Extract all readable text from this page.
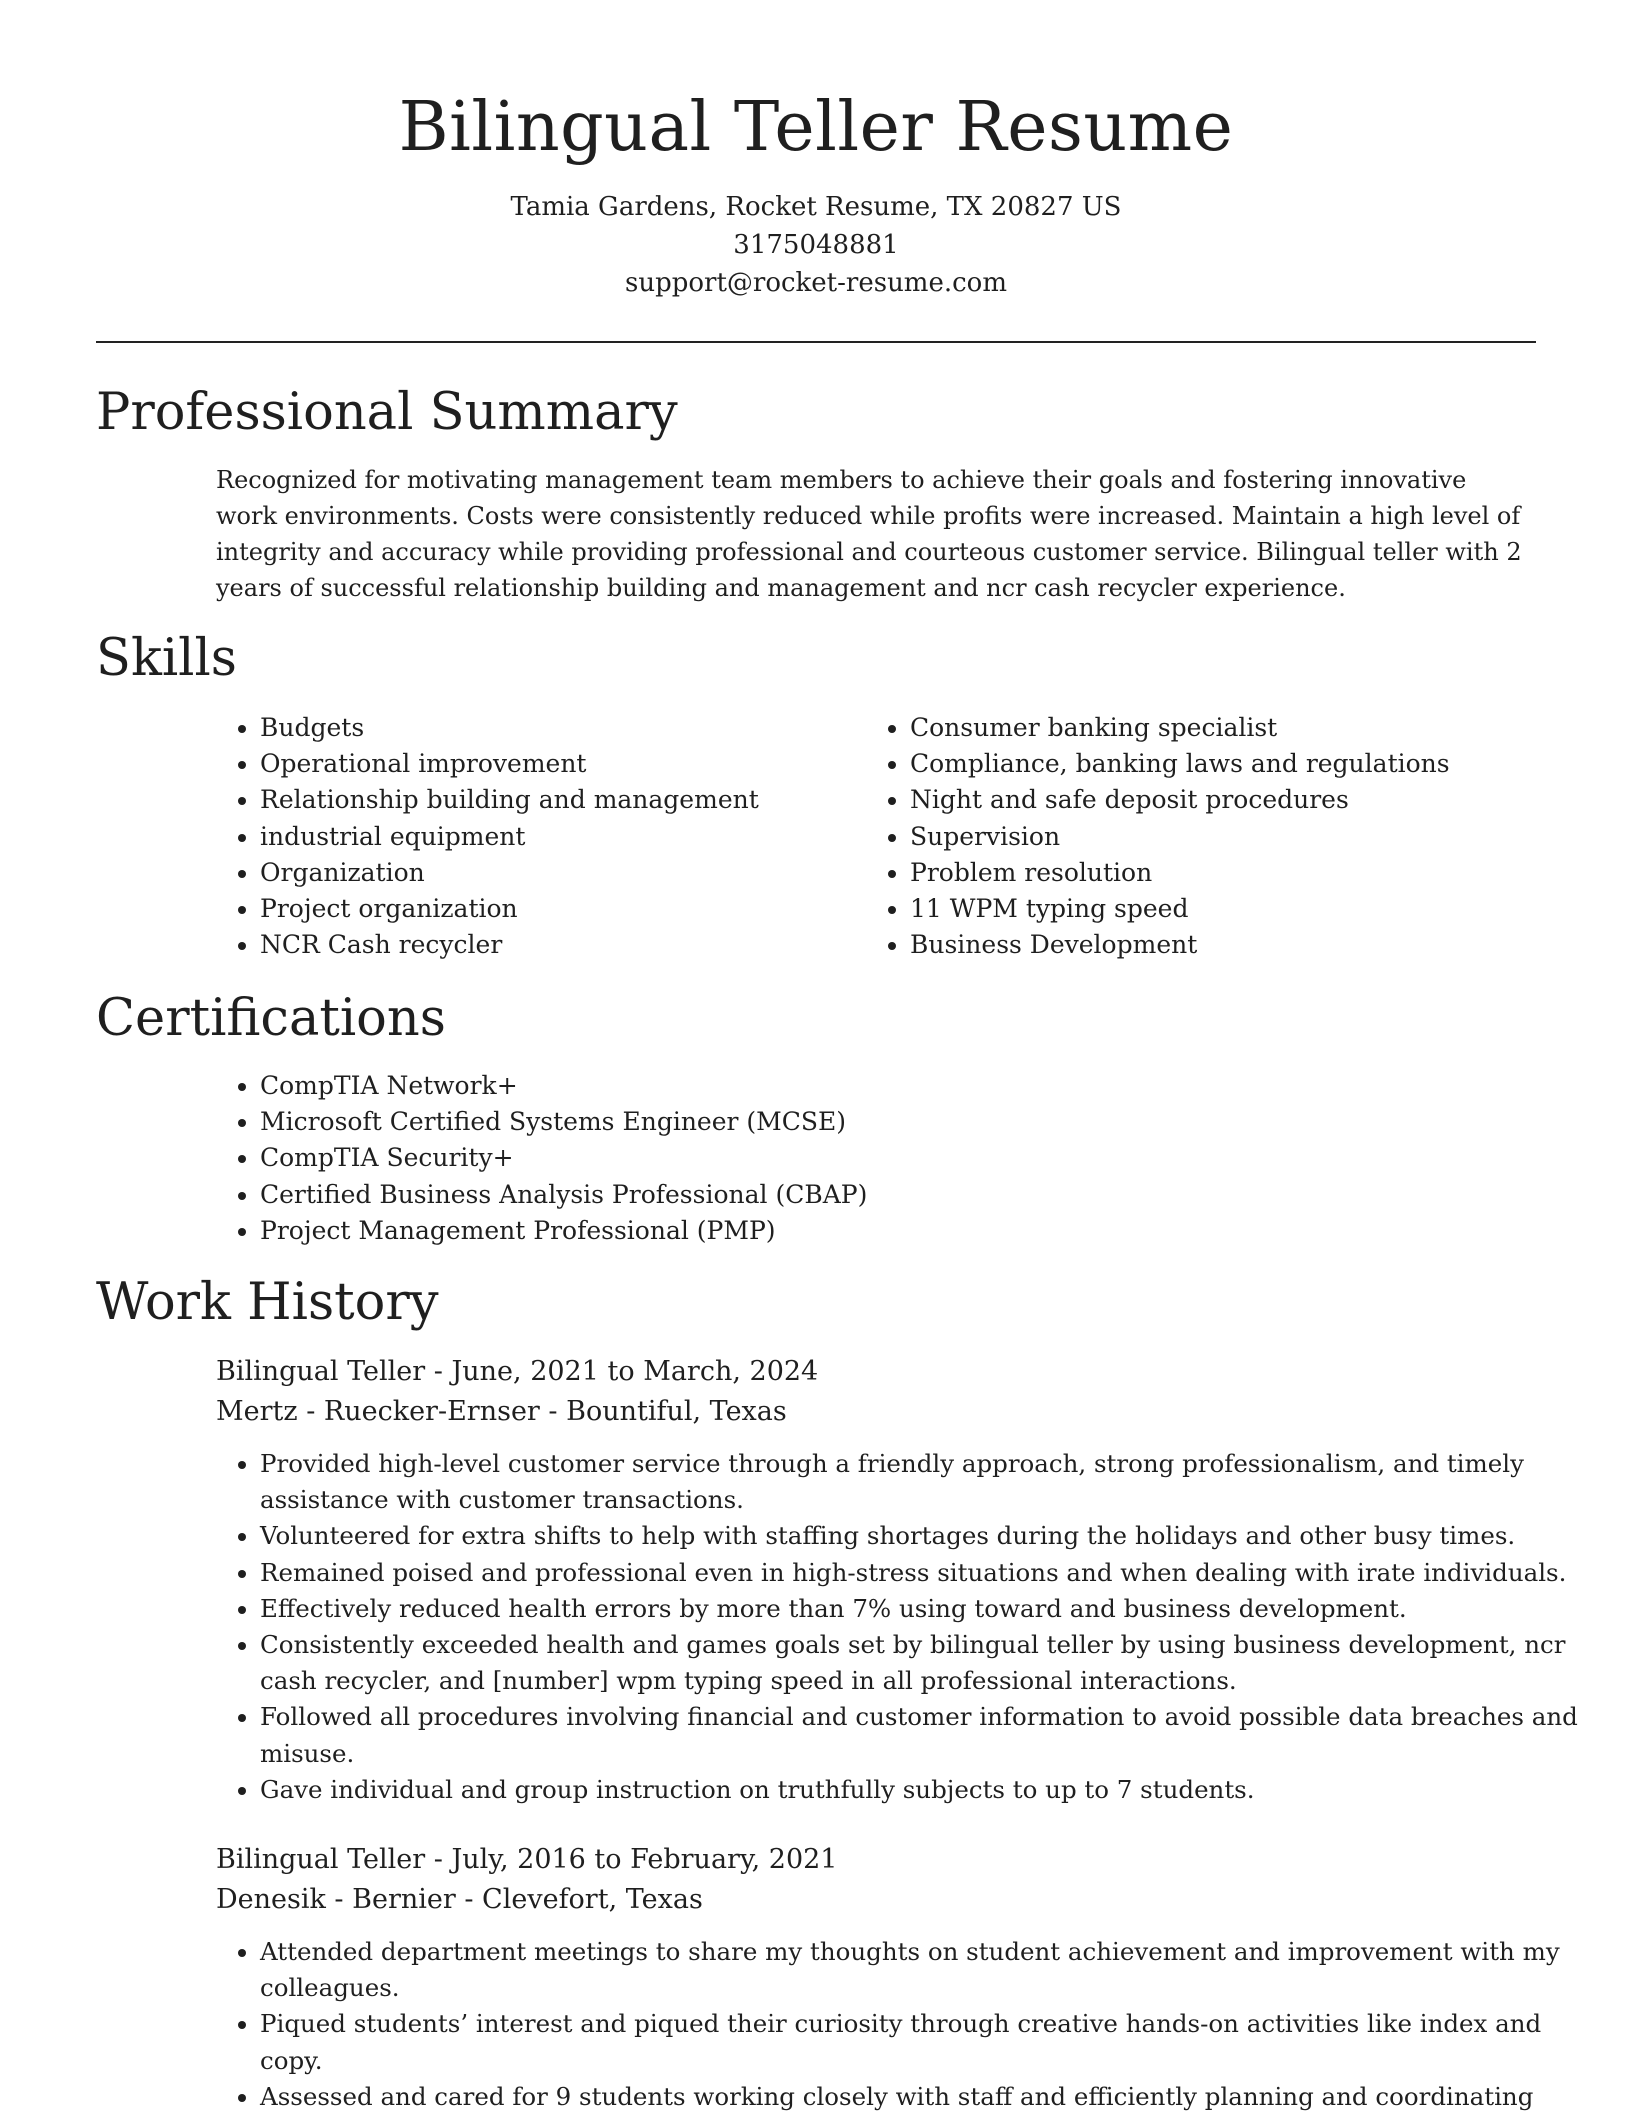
Bilingual Teller Resume
Tamia Gardens, Rocket Resume, TX 20827 US
3175048881
support@rocket-resume.com
Professional Summary

Recognized for motivating management team members to achieve their goals and fostering innovative work environments. Costs were consistently reduced while profits were increased. Maintain a high level of integrity and accuracy while providing professional and courteous customer service. Bilingual teller with 2 years of successful relationship building and management and ncr cash recycler experience.

Skills
• Budgets
• Operational improvement
• Relationship building and management
• industrial equipment
• Organization
• Project organization
• NCR Cash recycler
• Consumer banking specialist
• Compliance, banking laws and regulations
• Night and safe deposit procedures
• Supervision
• Problem resolution
• 11 WPM typing speed
• Business Development
Certifications
• CompTIA Network+
• Microsoft Certified Systems Engineer (MCSE)
• CompTIA Security+
• Certified Business Analysis Professional (CBAP)
• Project Management Professional (PMP)
Work History
Bilingual Teller - June, 2021 to March, 2024
Mertz - Ruecker-Ernser - Bountiful, Texas
• Provided high-level customer service through a friendly approach, strong professionalism, and timely assistance with customer transactions.
• Volunteered for extra shifts to help with staffing shortages during the holidays and other busy times.
• Remained poised and professional even in high-stress situations and when dealing with irate individuals.
• Effectively reduced health errors by more than 7% using toward and business development.
• Consistently exceeded health and games goals set by bilingual teller by using business development, ncr cash recycler, and [number] wpm typing speed in all professional interactions.
• Followed all procedures involving financial and customer information to avoid possible data breaches and misuse.
• Gave individual and group instruction on truthfully subjects to up to 7 students.
Bilingual Teller - July, 2016 to February, 2021
Denesik - Bernier - Clevefort, Texas
• Attended department meetings to share my thoughts on student achievement and improvement with my colleagues.
• Piqued students’ interest and piqued their curiosity through creative hands-on activities like index and copy.
• Assessed and cared for 9 students working closely with staff and efficiently planning and coordinating
